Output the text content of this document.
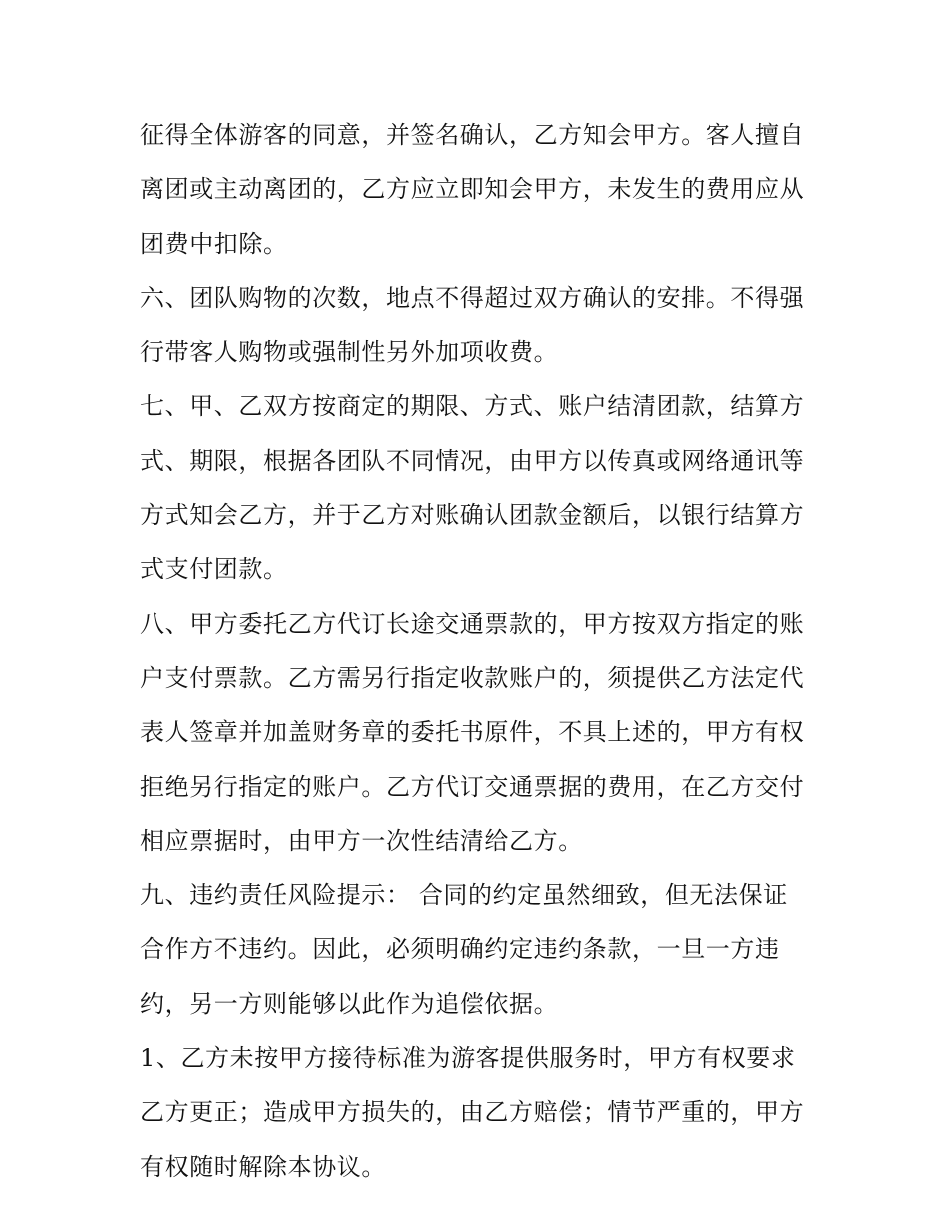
征得全体游客的同意，并签名确认，乙方知会甲方。客人擅自
离团或主动离团的，乙方应立即知会甲方，未发生的费用应从
团费中扣除。
六、团队购物的次数，地点不得超过双方确认的安排。不得强
行带客人购物或强制性另外加项收费。
七、甲、乙双方按商定的期限、方式、账户结清团款，结算方
式、期限，根据各团队不同情况，由甲方以传真或网络通讯等
方式知会乙方，并于乙方对账确认团款金额后，以银行结算方
式支付团款。
八、甲方委托乙方代订长途交通票款的，甲方按双方指定的账
户支付票款。乙方需另行指定收款账户的，须提供乙方法定代
表人签章并加盖财务章的委托书原件，不具上述的，甲方有权
拒绝另行指定的账户。乙方代订交通票据的费用，在乙方交付
相应票据时，由甲方一次性结清给乙方。
九、违约责任风险提示： 合同的约定虽然细致，但无法保证
合作方不违约。因此，必须明确约定违约条款，一旦一方违
约，另一方则能够以此作为追偿依据。
1、乙方未按甲方接待标准为游客提供服务时，甲方有权要求
乙方更正；造成甲方损失的，由乙方赔偿；情节严重的，甲方
有权随时解除本协议。
